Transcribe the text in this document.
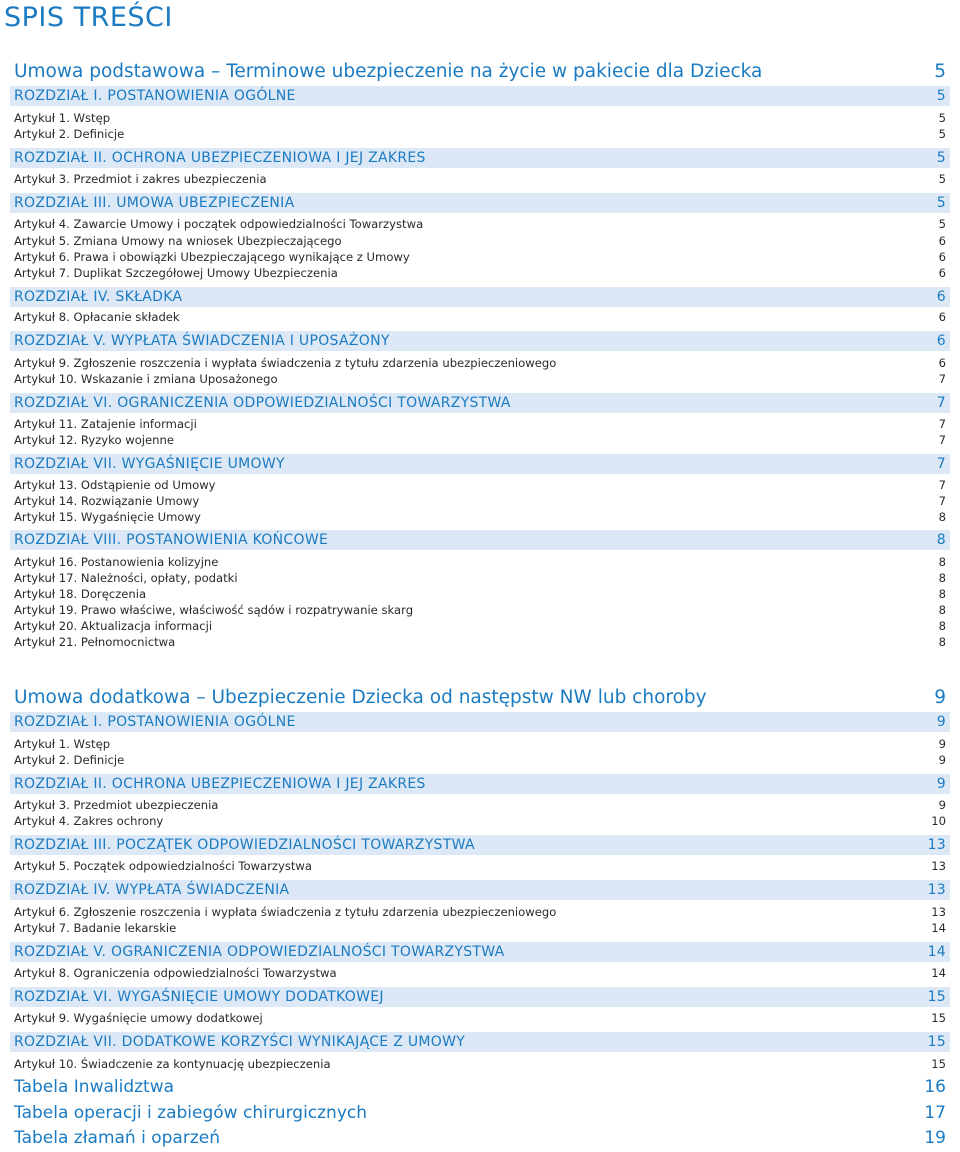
SPIS TREŚCI
Umowa podstawowa – Terminowe ubezpieczenie na życie w pakiecie dla Dziecka	5
ROZDZIAŁ I. POSTANOWIENIA OGÓLNE	5
Artykuł 1. Wstęp	5
Artykuł 2. Definicje	5
ROZDZIAŁ II. OCHRONA UBEZPIECZENIOWA I JEJ ZAKRES	5
Artykuł 3. Przedmiot i zakres ubezpieczenia	5
ROZDZIAŁ III. UMOWA UBEZPIECZENIA	5
Artykuł 4. Zawarcie Umowy i początek odpowiedzialności Towarzystwa	5
Artykuł 5. Zmiana Umowy na wniosek Ubezpieczającego	6
Artykuł 6. Prawa i obowiązki Ubezpieczającego wynikające z Umowy	6
Artykuł 7. Duplikat Szczegółowej Umowy Ubezpieczenia	6
ROZDZIAŁ IV. SKŁADKA	6
Artykuł 8. Opłacanie składek	6
ROZDZIAŁ V. WYPŁATA ŚWIADCZENIA I UPOSAŻONY	6
Artykuł 9. Zgłoszenie roszczenia i wypłata świadczenia z tytułu zdarzenia ubezpieczeniowego	6
Artykuł 10. Wskazanie i zmiana Uposażonego	7
ROZDZIAŁ VI. OGRANICZENIA ODPOWIEDZIALNOŚCI TOWARZYSTWA	7
Artykuł 11. Zatajenie informacji	7
Artykuł 12. Ryzyko wojenne	7
ROZDZIAŁ VII. WYGAŚNIĘCIE UMOWY	7
Artykuł 13. Odstąpienie od Umowy	7
Artykuł 14. Rozwiązanie Umowy	7
Artykuł 15. Wygaśnięcie Umowy	8
ROZDZIAŁ VIII. POSTANOWIENIA KOŃCOWE	8
Artykuł 16. Postanowienia kolizyjne	8
Artykuł 17. Należności, opłaty, podatki	8
Artykuł 18. Doręczenia	8
Artykuł 19. Prawo właściwe, właściwość sądów i rozpatrywanie skarg	8
Artykuł 20. Aktualizacja informacji	8
Artykuł 21. Pełnomocnictwa	8
Umowa dodatkowa – Ubezpieczenie Dziecka od następstw NW lub choroby	9
ROZDZIAŁ I. POSTANOWIENIA OGÓLNE	9
Artykuł 1. Wstęp	9
Artykuł 2. Definicje	9
ROZDZIAŁ II. OCHRONA UBEZPIECZENIOWA I JEJ ZAKRES	9
Artykuł 3. Przedmiot ubezpieczenia	9
Artykuł 4. Zakres ochrony	10
ROZDZIAŁ III. POCZĄTEK ODPOWIEDZIALNOŚCI TOWARZYSTWA	13
Artykuł 5. Początek odpowiedzialności Towarzystwa	13
ROZDZIAŁ IV. WYPŁATA ŚWIADCZENIA	13
Artykuł 6. Zgłoszenie roszczenia i wypłata świadczenia z tytułu zdarzenia ubezpieczeniowego	13
Artykuł 7. Badanie lekarskie	14
ROZDZIAŁ V. OGRANICZENIA ODPOWIEDZIALNOŚCI TOWARZYSTWA	14
Artykuł 8. Ograniczenia odpowiedzialności Towarzystwa	14
ROZDZIAŁ VI. WYGAŚNIĘCIE UMOWY DODATKOWEJ	15
Artykuł 9. Wygaśnięcie umowy dodatkowej	15
ROZDZIAŁ VII. DODATKOWE KORZYŚCI WYNIKAJĄCE Z UMOWY	15
Artykuł 10. Świadczenie za kontynuację ubezpieczenia	15
Tabela Inwalidztwa	16
Tabela operacji i zabiegów chirurgicznych	17
Tabela złamań i oparzeń	19
